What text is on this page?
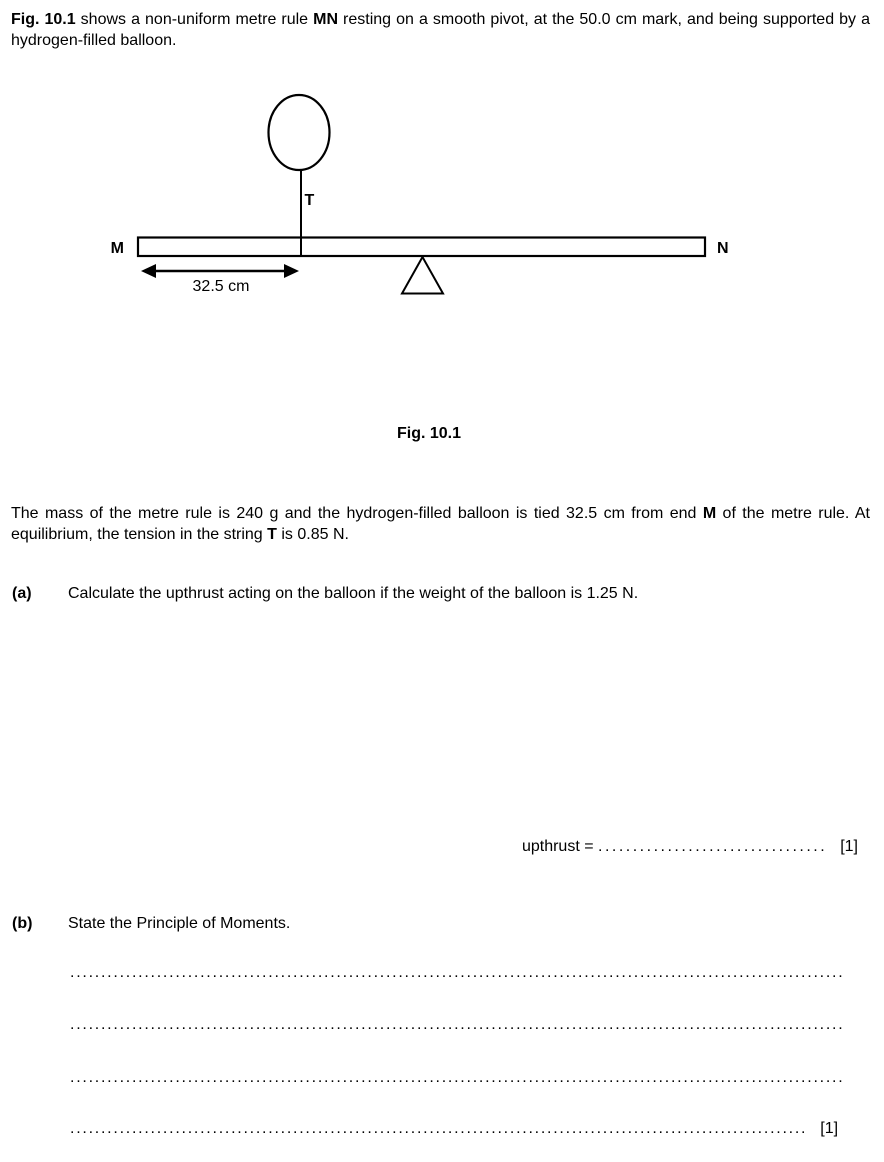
Fig. 10.1 shows a non-uniform metre rule MN resting on a smooth pivot, at the 50.0 cm mark, and being supported by a hydrogen-filled balloon.

T
M	N
32.5 cm
Fig. 10.1

The mass of the metre rule is 240 g and the hydrogen-filled balloon is tied 32.5 cm from end M of the metre rule. At equilibrium, the tension in the string T is 0.85 N.

(a) Calculate the upthrust acting on the balloon if the weight of the balloon is 1.25 N.

upthrust = ................................. [1]
(b) State the Principle of Moments.

.............................................................................................................................
.............................................................................................................................
.............................................................................................................................
....................................................................................................................... [1]
